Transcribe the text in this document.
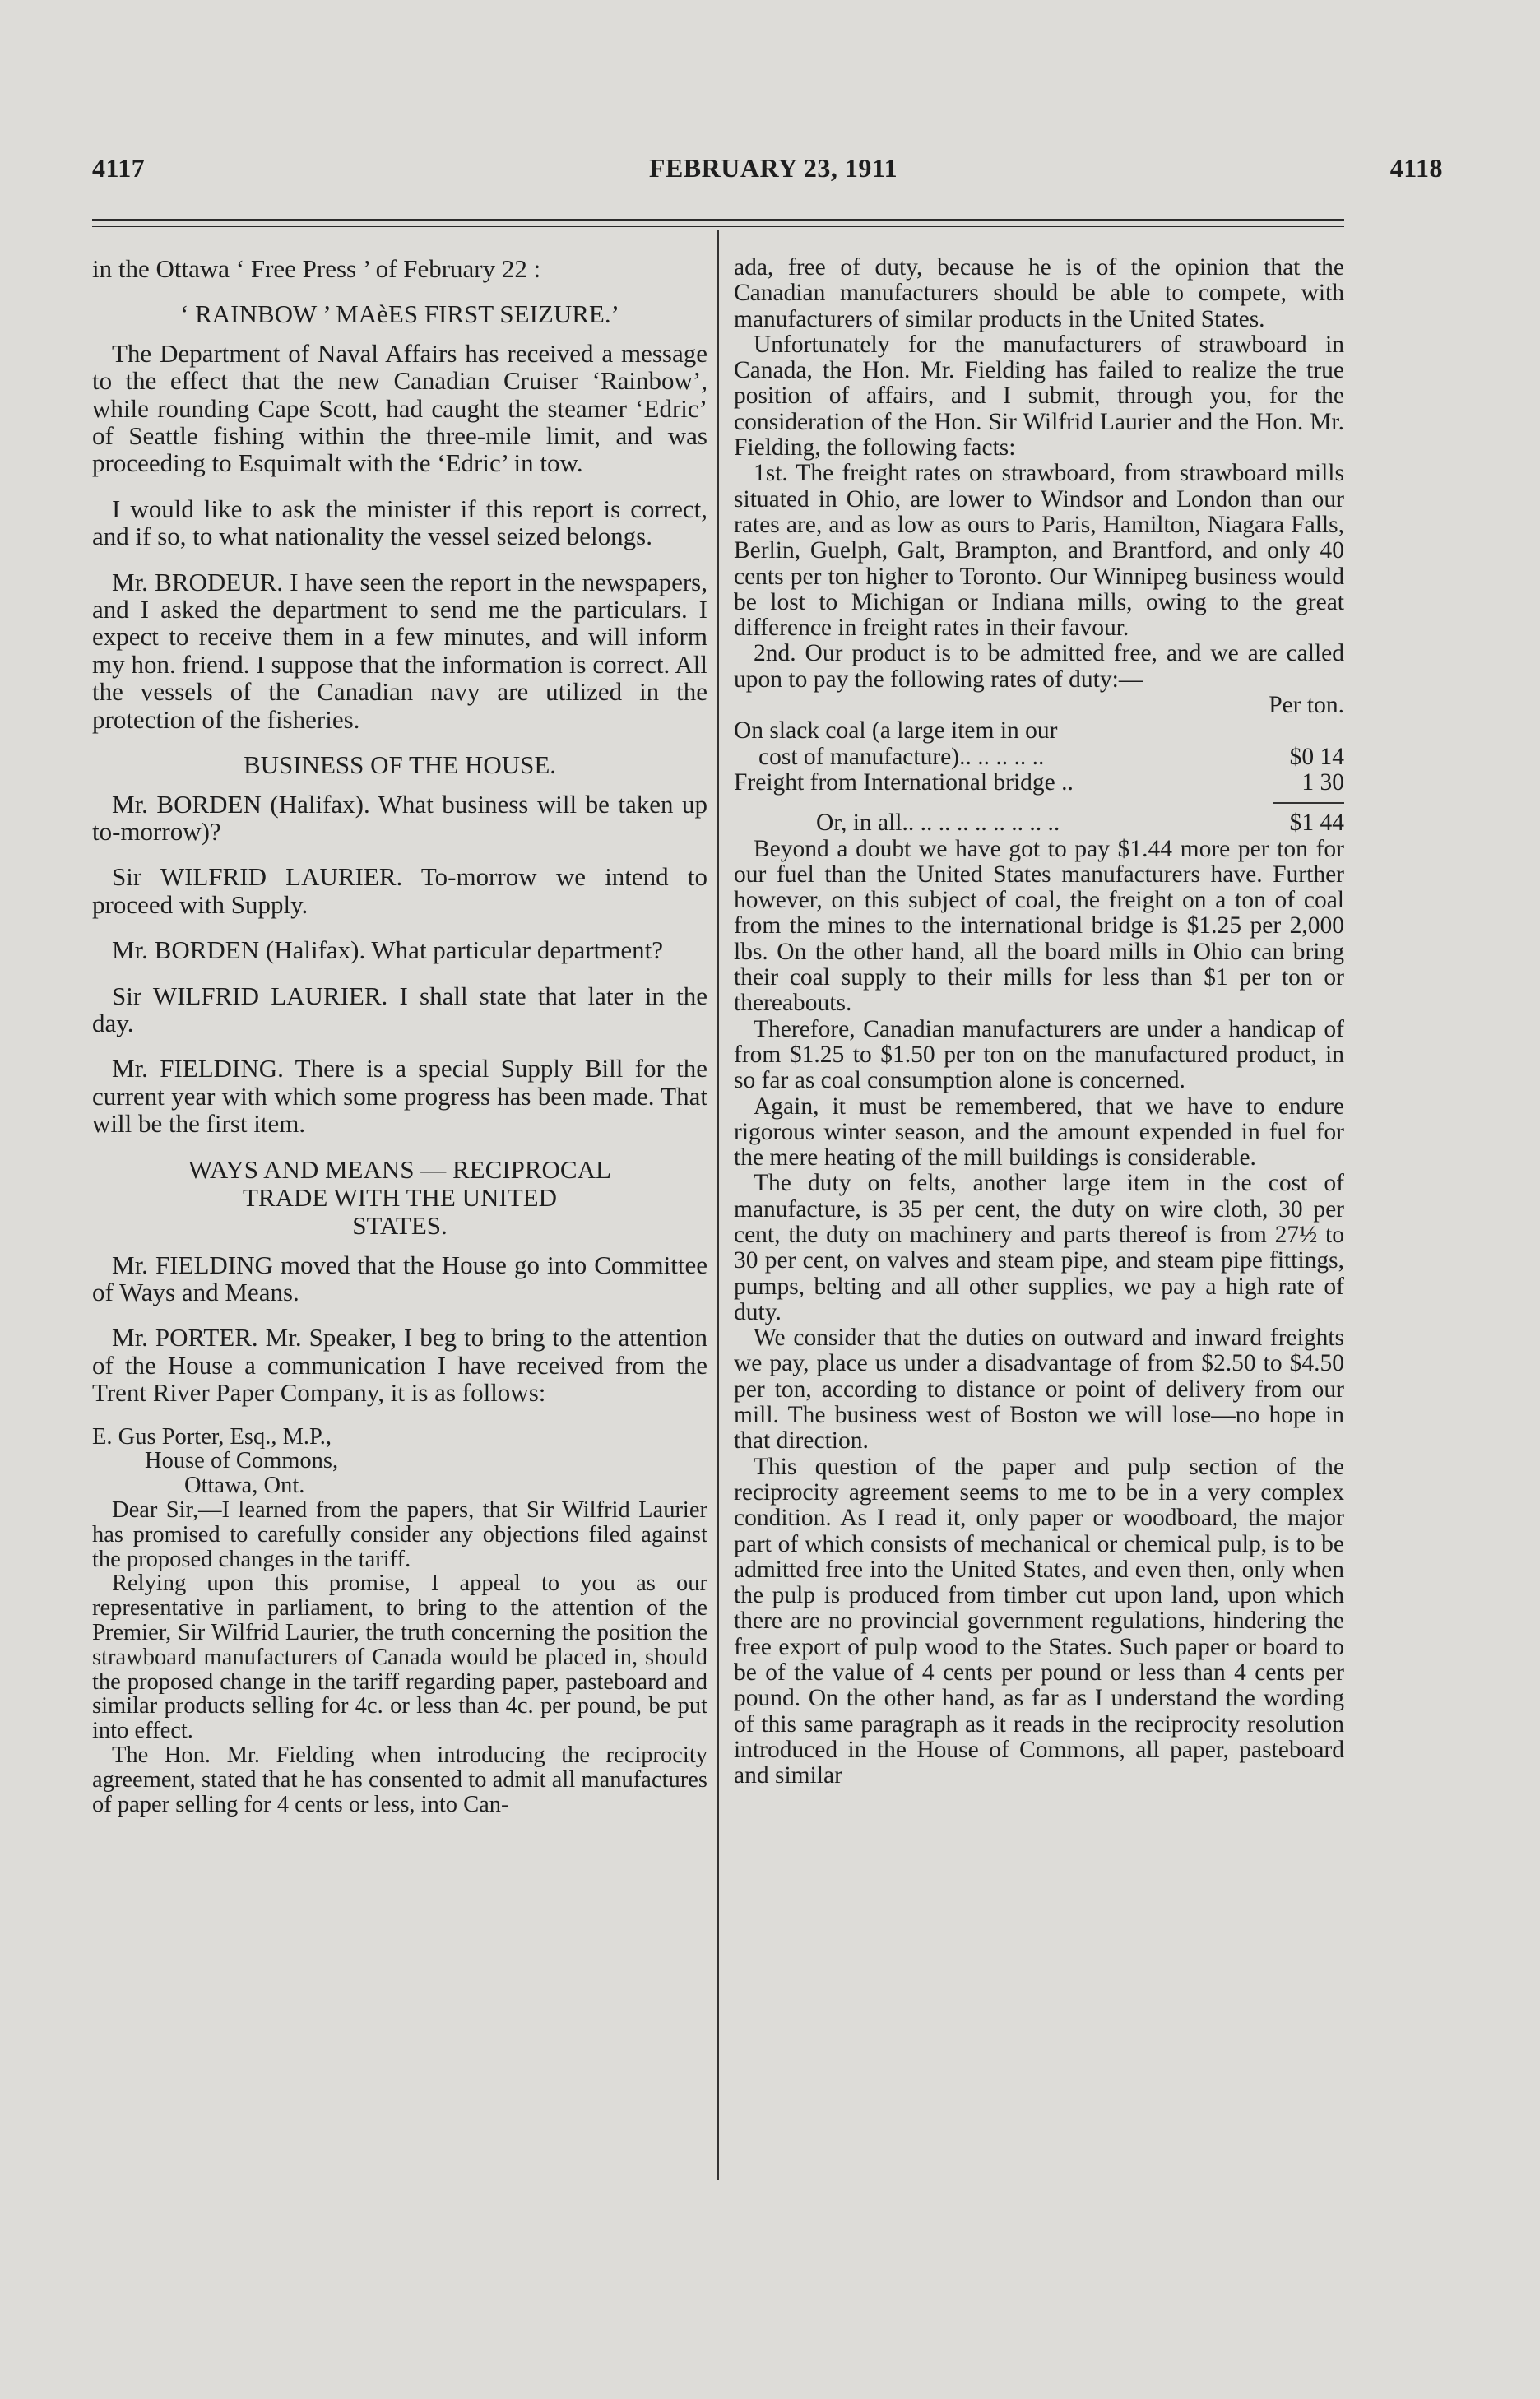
4117	FEBRUARY 23, 1911	4118

in the Ottawa ‘ Free Press ’ of February 22 :

‘ RAINBOW ’ MAèES FIRST SEIZURE.’

The Department of Naval Affairs has received a message to the effect that the new Canadian Cruiser ‘Rainbow’, while rounding Cape Scott, had caught the steamer ‘Edric’ of Seattle fishing within the three-mile limit, and was proceeding to Esquimalt with the ‘Edric’ in tow.

I would like to ask the minister if this report is correct, and if so, to what nationality the vessel seized belongs.

Mr. BRODEUR. I have seen the report in the newspapers, and I asked the department to send me the particulars. I expect to receive them in a few minutes, and will inform my hon. friend. I suppose that the information is correct. All the vessels of the Canadian navy are utilized in the protection of the fisheries.

BUSINESS OF THE HOUSE.

Mr. BORDEN (Halifax). What business will be taken up to-morrow)?

Sir WILFRID LAURIER. To-morrow we intend to proceed with Supply.

Mr. BORDEN (Halifax). What particular department?

Sir WILFRID LAURIER. I shall state that later in the day.

Mr. FIELDING. There is a special Supply Bill for the current year with which some progress has been made. That will be the first item.

WAYS AND MEANS — RECIPROCAL
TRADE WITH THE UNITED
STATES.

Mr. FIELDING moved that the House go into Committee of Ways and Means.

Mr. PORTER. Mr. Speaker, I beg to bring to the attention of the House a communication I have received from the Trent River Paper Company, it is as follows:

E. Gus Porter, Esq., M.P.,

House of Commons,

Ottawa, Ont.

Dear Sir,—I learned from the papers, that Sir Wilfrid Laurier has promised to carefully consider any objections filed against the proposed changes in the tariff.

Relying upon this promise, I appeal to you as our representative in parliament, to bring to the attention of the Premier, Sir Wilfrid Laurier, the truth concerning the position the strawboard manufacturers of Canada would be placed in, should the proposed change in the tariff regarding paper, pasteboard and similar products selling for 4c. or less than 4c. per pound, be put into effect.

The Hon. Mr. Fielding when introducing the reciprocity agreement, stated that he has consented to admit all manufactures of paper selling for 4 cents or less, into Can-

ada, free of duty, because he is of the opinion that the Canadian manufacturers should be able to compete, with manufacturers of similar products in the United States.

Unfortunately for the manufacturers of strawboard in Canada, the Hon. Mr. Fielding has failed to realize the true position of affairs, and I submit, through you, for the consideration of the Hon. Sir Wilfrid Laurier and the Hon. Mr. Fielding, the following facts:

1st. The freight rates on strawboard, from strawboard mills situated in Ohio, are lower to Windsor and London than our rates are, and as low as ours to Paris, Hamilton, Niagara Falls, Berlin, Guelph, Galt, Brampton, and Brantford, and only 40 cents per ton higher to Toronto. Our Winnipeg business would be lost to Michigan or Indiana mills, owing to the great difference in freight rates in their favour.

2nd. Our product is to be admitted free, and we are called upon to pay the following rates of duty:—

Per ton.

On slack coal (a large item in our

cost of manufacture).. .. .. .. ..	$0 14
Freight from International bridge ..	1 30
Or, in all.. .. .. .. .. .. .. .. ..	$1 44

Beyond a doubt we have got to pay $1.44 more per ton for our fuel than the United States manufacturers have. Further however, on this subject of coal, the freight on a ton of coal from the mines to the international bridge is $1.25 per 2,000 lbs. On the other hand, all the board mills in Ohio can bring their coal supply to their mills for less than $1 per ton or thereabouts.

Therefore, Canadian manufacturers are under a handicap of from $1.25 to $1.50 per ton on the manufactured product, in so far as coal consumption alone is concerned.

Again, it must be remembered, that we have to endure rigorous winter season, and the amount expended in fuel for the mere heating of the mill buildings is considerable.

The duty on felts, another large item in the cost of manufacture, is 35 per cent, the duty on wire cloth, 30 per cent, the duty on machinery and parts thereof is from 27½ to 30 per cent, on valves and steam pipe, and steam pipe fittings, pumps, belting and all other supplies, we pay a high rate of duty.

We consider that the duties on outward and inward freights we pay, place us under a disadvantage of from $2.50 to $4.50 per ton, according to distance or point of delivery from our mill. The business west of Boston we will lose—no hope in that direction.

This question of the paper and pulp section of the reciprocity agreement seems to me to be in a very complex condition. As I read it, only paper or woodboard, the major part of which consists of mechanical or chemical pulp, is to be admitted free into the United States, and even then, only when the pulp is produced from timber cut upon land, upon which there are no provincial government regulations, hindering the free export of pulp wood to the States. Such paper or board to be of the value of 4 cents per pound or less than 4 cents per pound. On the other hand, as far as I understand the wording of this same paragraph as it reads in the reciprocity resolution introduced in the House of Commons, all paper, pasteboard and similar
